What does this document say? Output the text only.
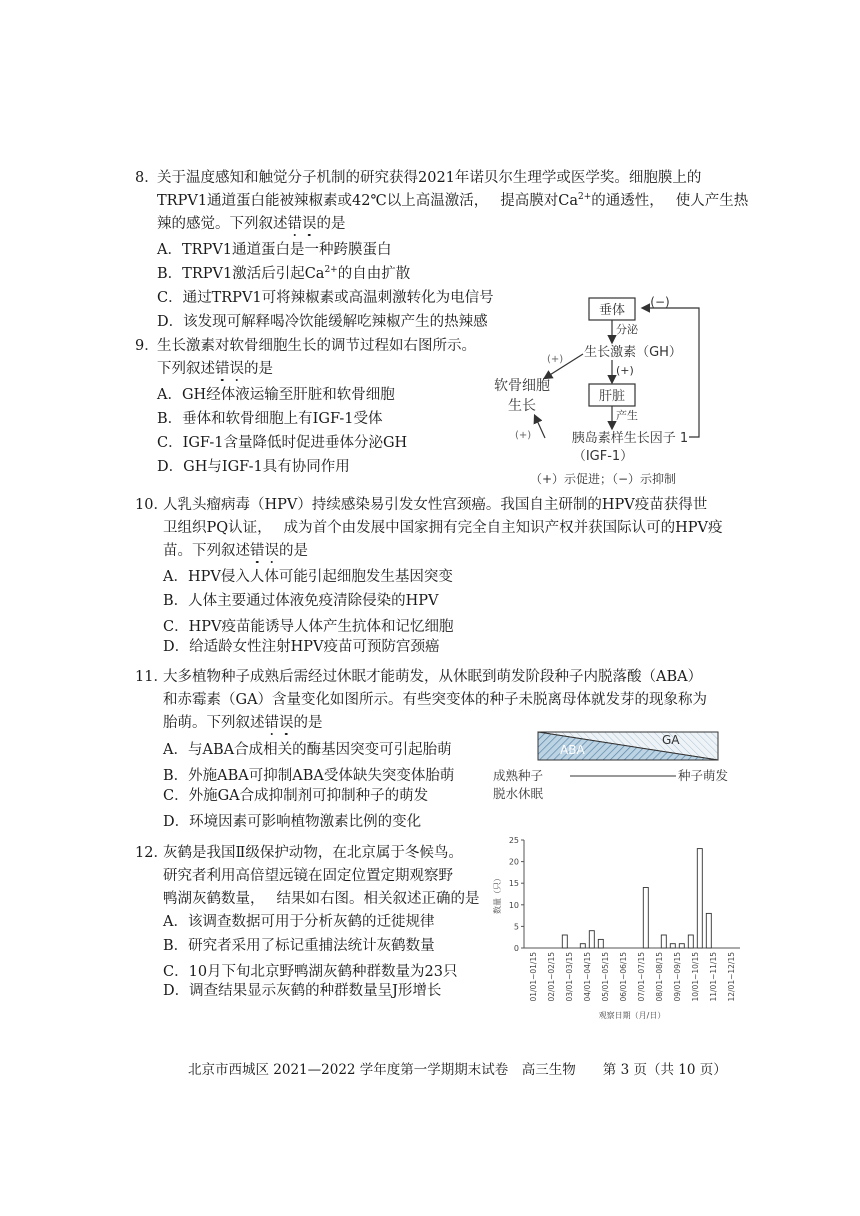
8．
关于温度感知和触觉分子机制的研究获得2021年诺贝尔生理学或医学奖。细胞膜上的
TRPV1通道蛋白能被辣椒素或42℃以上高温激活， 提高膜对$Ca^{2+}$的通透性， 使人产生热
辣的感觉。下列叙述错误的是
A．TRPV1通道蛋白是一种跨膜蛋白
B．TRPV1激活后引起$Ca^{2+}$的自由扩散
C．通过TRPV1可将辣椒素或高温刺激转化为电信号
D．该发现可解释喝冷饮能缓解吃辣椒产生的热辣感
9．
生长激素对软骨细胞生长的调节过程如右图所示。
下列叙述错误的是
A．GH经体液运输至肝脏和软骨细胞
B．垂体和软骨细胞上有IGF-1受体
C．IGF-1含量降低时促进垂体分泌GH
D．GH与IGF-1具有协同作用
垂体
(−)
分泌
生长激素（GH）
(+)
(+)
肝脏
产生
胰岛素样生长因子 1
（IGF-1）
软骨细胞
生长
(+)
（+）示促进；（−）示抑制
10．
人乳头瘤病毒（HPV）持续感染易引发女性宫颈癌。我国自主研制的HPV疫苗获得世
卫组织PQ认证， 成为首个由发展中国家拥有完全自主知识产权并获国际认可的HPV疫
苗。下列叙述错误的是
A．HPV侵入人体可能引起细胞发生基因突变
B．人体主要通过体液免疫清除侵染的HPV
C．HPV疫苗能诱导人体产生抗体和记忆细胞
D．给适龄女性注射HPV疫苗可预防宫颈癌
11．
大多植物种子成熟后需经过休眠才能萌发，从休眠到萌发阶段种子内脱落酸（ABA）
和赤霉素（GA）含量变化如图所示。有些突变体的种子未脱离母体就发芽的现象称为
胎萌。下列叙述错误的是
A．与ABA合成相关的酶基因突变可引起胎萌
B．外施ABA可抑制ABA受体缺失突变体胎萌
C．外施GA合成抑制剂可抑制种子的萌发
D．环境因素可影响植物激素比例的变化
ABA
GA
成熟种子
脱水休眠
种子萌发
12．
灰鹤是我国Ⅱ级保护动物，在北京属于冬候鸟。
研究者利用高倍望远镜在固定位置定期观察野
鸭湖灰鹤数量， 结果如右图。相关叙述正确的是
A．该调查数据可用于分析灰鹤的迁徙规律
B．研究者采用了标记重捕法统计灰鹤数量
C．10月下旬北京野鸭湖灰鹤种群数量为23只
D．调查结果显示灰鹤的种群数量呈J形增长
0
5
10
15
20
25
01/01~01/15 02/01~02/15 03/01~03/15 04/01~04/15 05/01~05/15 06/01~06/15 07/01~07/15 08/01~08/15 09/01~09/15 10/01~10/15 11/01~11/15 12/01~12/15
数量（只）
观察日期（月/日）
北京市西城区 2021—2022 学年度第一学期期末试卷　高三生物　　第 3 页（共 10 页）
